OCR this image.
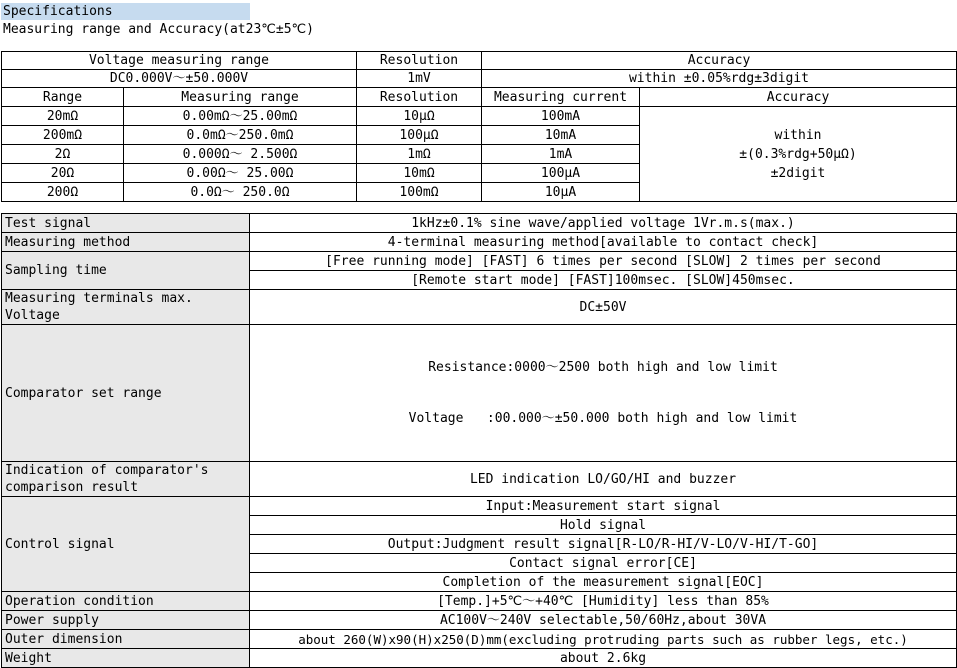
Specifications
Measuring range and Accuracy(at23℃±5℃)
Voltage measuring range	Resolution	Accuracy
DC0.000V～±50.000V	1mV	within ±0.05%rdg±3digit
Range	Measuring range	Resolution	Measuring current	Accuracy
20mΩ	0.00mΩ～25.00mΩ	10μΩ	100mA	within
±(0.3%rdg+50μΩ)
±2digit

200mΩ	0.0mΩ～250.0mΩ	100μΩ	10mA	
2Ω	0.000Ω～ 2.500Ω	1mΩ	1mA	
20Ω	0.00Ω～ 25.00Ω	10mΩ	100μA	
200Ω	0.0Ω～ 250.0Ω	100mΩ	10μA	
Test signal	1kHz±0.1% sine wave/applied voltage 1Vr.m.s(max.)
Measuring method	4-terminal measuring method[available to contact check]
Sampling time	[Free running mode] [FAST] 6 times per second [SLOW] 2 times per second
	[Remote start mode] [FAST]100msec. [SLOW]450msec.

Measuring terminals max.
Voltage	DC±50V
Comparator set range	Resistance:0000～2500 both high and low limit

Voltage   :00.000～±50.000 both high and low limit

Indication of comparator's
comparison result	LED indication LO/GO/HI and buzzer
Control signal	Input:Measurement start signal
	Hold signal
	Output:Judgment result signal[R-LO/R-HI/V-LO/V-HI/T-GO]
	Contact signal error[CE]
	Completion of the measurement signal[EOC]
Operation condition	[Temp.]+5℃～+40℃ [Humidity] less than 85%
Power supply	AC100V～240V selectable,50/60Hz,about 30VA
Outer dimension	about 260(W)x90(H)x250(D)mm(excluding protruding parts such as rubber legs, etc.)
Weight	about 2.6kg
